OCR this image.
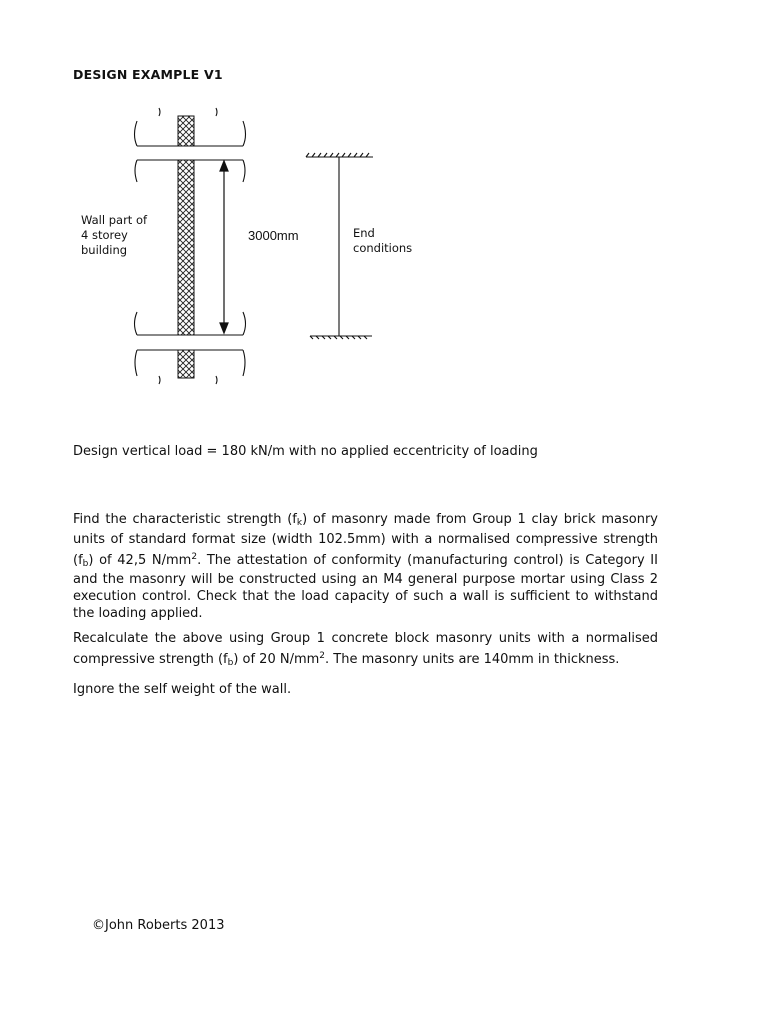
DESIGN EXAMPLE V1
Wall part of
4 storey
building
3000mm	End
conditions
Design vertical load = 180 kN/m with no applied eccentricity of loading
Find the characteristic strength $(f_k)$ of masonry made from Group 1 clay brick masonry units of standard format size (width 102.5mm) with a normalised compressive strength $(f_b)$ of 42,5 $N/mm^2$. The attestation of conformity (manufacturing control) is Category II and the masonry will be constructed using an M4 general purpose mortar using Class 2 execution control. Check that the load capacity of such a wall is sufficient to withstand the loading applied.
Recalculate the above using Group 1 concrete block masonry units with a normalised compressive strength $(f_b)$ of 20 $N/mm^2$. The masonry units are 140mm in thickness.
Ignore the self weight of the wall.
©John Roberts 2013
